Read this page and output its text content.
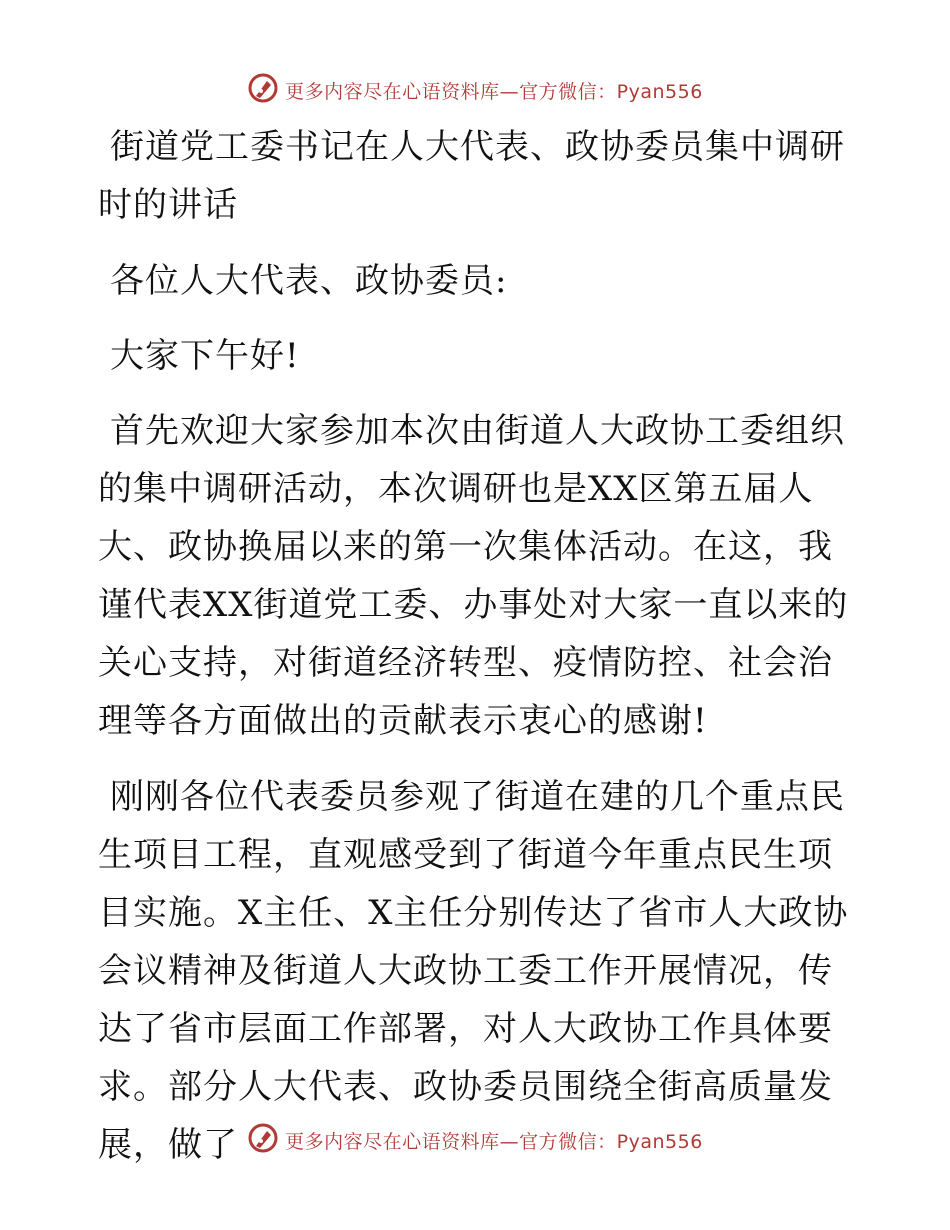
更多内容尽在心语资料库—官方微信：Pyan556

街道党工委书记在人大代表、政协委员集中调研时的讲话

各位人大代表、政协委员:

大家下午好!

首先欢迎大家参加本次由街道人大政协工委组织的集中调研活动，本次调研也是XX区第五届人大、政协换届以来的第一次集体活动。在这，我谨代表XX街道党工委、办事处对大家一直以来的关心支持，对街道经济转型、疫情防控、社会治理等各方面做出的贡献表示衷心的感谢!

刚刚各位代表委员参观了街道在建的几个重点民生项目工程，直观感受到了街道今年重点民生项目实施。X主任、X主任分别传达了省市人大政协会议精神及街道人大政协工委工作开展情况，传达了省市层面工作部署，对人大政协工作具体要求。部分人大代表、政协委员围绕全街高质量发展，做了	更多内容尽在心语资料库—官方微信：Pyan556
